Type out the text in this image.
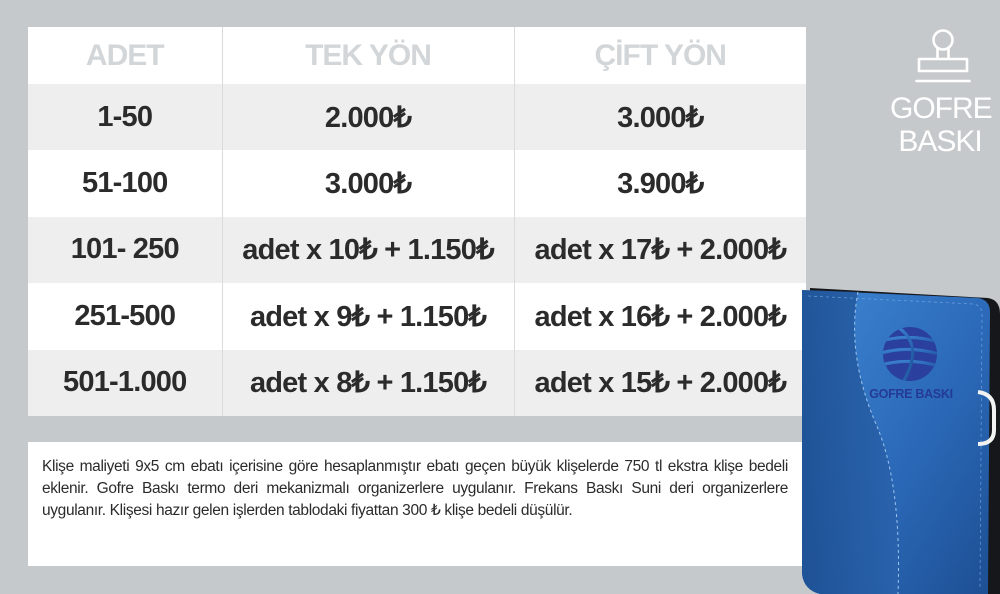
ADET	TEK YÖN	ÇİFT YÖN
1-50	2.000₺	3.000₺
51-100	3.000₺	3.900₺
101- 250	adet x 10₺ + 1.150₺	adet x 17₺ + 2.000₺
251-500	adet x 9₺ + 1.150₺	adet x 16₺ + 2.000₺
501-1.000	adet x 8₺ + 1.150₺	adet x 15₺ + 2.000₺
Klişe maliyeti 9x5 cm ebatı içerisine göre hesaplanmıştır ebatı geçen büyük klişelerde 750 tl ekstra klişe bedeli eklenir. Gofre Baskı termo deri mekanizmalı organizerlere uygulanır. Frekans Baskı Suni deri organizerlere uygulanır. Klişesi hazır gelen işlerden tablodaki fiyattan 300 ₺ klişe bedeli düşülür.
GOFRE
BASKI
GOFRE BASKI
